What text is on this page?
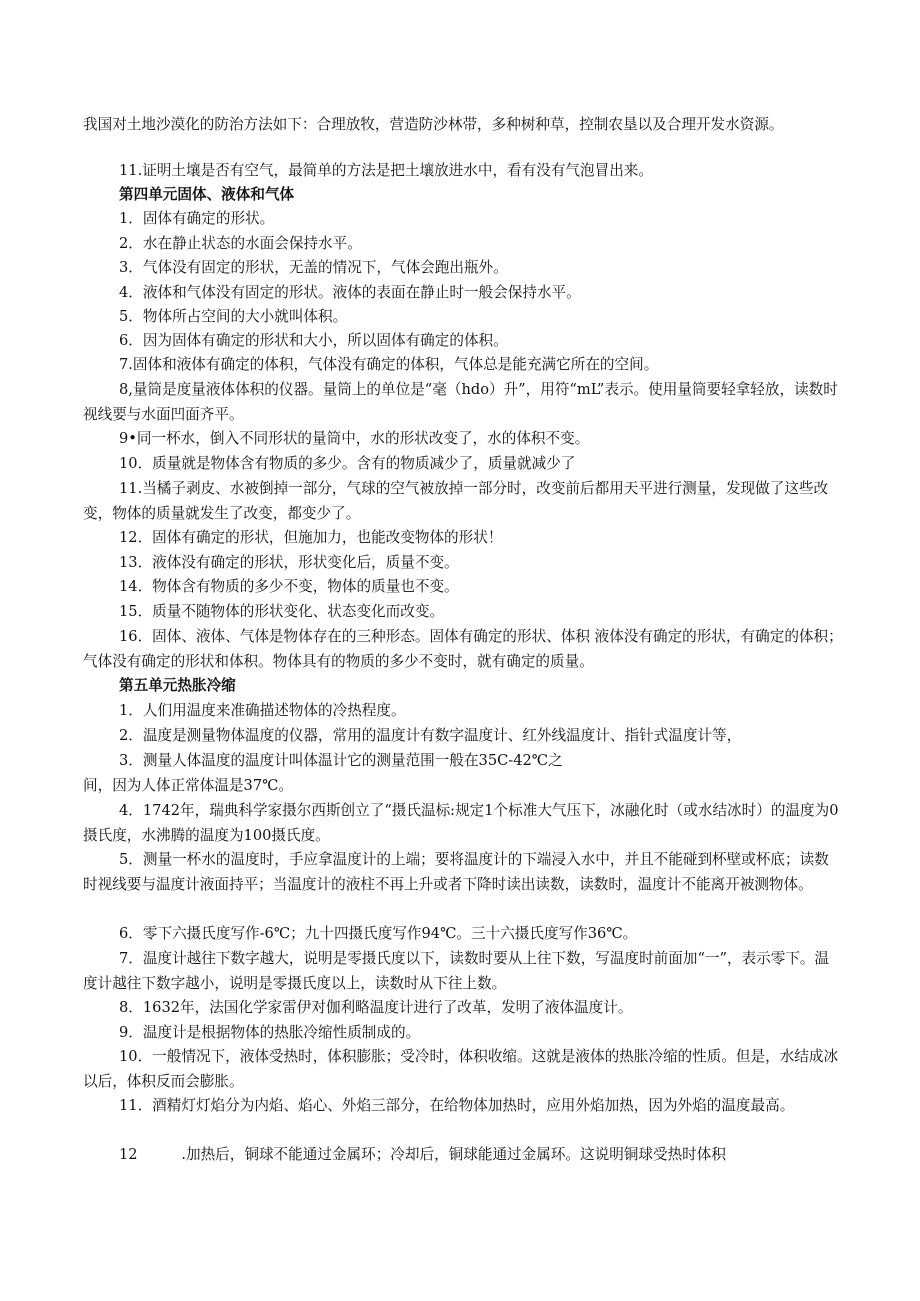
我国对土地沙漠化的防治方法如下：合理放牧，营造防沙林带，多种树种草，控制农垦以及合理开发水资源。

11.证明土壤是否有空气，最简单的方法是把土壤放进水中，看有没有气泡冒出来。

第四单元固体、液体和气体

1．固体有确定的形状。

2．水在静止状态的水面会保持水平。

3．气体没有固定的形状，无盖的情况下，气体会跑出瓶外。

4．液体和气体没有固定的形状。液体的表面在静止时一般会保持水平。

5．物体所占空间的大小就叫体积。

6．因为固体有确定的形状和大小，所以固体有确定的体积。

7.固体和液体有确定的体积，气体没有确定的体积，气体总是能充满它所在的空间。

8,量筒是度量液体体积的仪器。量筒上的单位是“毫（hdo）升”，用符“mL”表示。使用量筒要轻拿轻放，读数时视线要与水面凹面齐平。

9•同一杯水，倒入不同形状的量筒中，水的形状改变了，水的体积不变。

10．质量就是物体含有物质的多少。含有的物质减少了，质量就减少了

11.当橘子剥皮、水被倒掉一部分，气球的空气被放掉一部分时，改变前后都用天平进行测量，发现做了这些改变，物体的质量就发生了改变，都变少了。

12．固体有确定的形状，但施加力，也能改变物体的形状！

13．液体没有确定的形状，形状变化后，质量不变。

14．物体含有物质的多少不变，物体的质量也不变。

15．质量不随物体的形状变化、状态变化而改变。

16．固体、液体、气体是物体存在的三种形态。固体有确定的形状、体积 液体没有确定的形状，有确定的体积；气体没有确定的形状和体积。物体具有的物质的多少不变时，就有确定的质量。

第五单元热胀冷缩

1．人们用温度来准确描述物体的冷热程度。

2．温度是测量物体温度的仪器，常用的温度计有数字温度计、红外线温度计、指针式温度计等，

3．测量人体温度的温度计叫体温计它的测量范围一般在35C-42℃之

间，因为人体正常体温是37℃。

4．1742年，瑞典科学家摄尔西斯创立了“摄氏温标:规定1个标准大气压下，冰融化时（或水结冰时）的温度为0摄氏度，水沸腾的温度为100摄氏度。

5．测量一杯水的温度时，手应拿温度计的上端；要将温度计的下端浸入水中，并且不能碰到杯壁或杯底；读数时视线要与温度计液面持平；当温度计的液柱不再上升或者下降时读出读数，读数时，温度计不能离开被测物体。

6．零下六摄氏度写作-6℃；九十四摄氏度写作94℃。三十六摄氏度写作36℃。

7．温度计越往下数字越大，说明是零摄氏度以下，读数时要从上往下数，写温度时前面加“一”，表示零下。温度计越往下数字越小，说明是零摄氏度以上，读数时从下往上数。

8．1632年，法国化学家雷伊对伽利略温度计进行了改革，发明了液体温度计。

9．温度计是根据物体的热胀冷缩性质制成的。

10．一般情况下，液体受热时，体积膨胀；受冷时，体积收缩。这就是液体的热胀冷缩的性质。但是，水结成冰以后，体积反而会膨胀。

11．酒精灯灯焰分为内焰、焰心、外焰三部分，在给物体加热时，应用外焰加热，因为外焰的温度最高。

12　　　.加热后，铜球不能通过金属环；冷却后，铜球能通过金属环。这说明铜球受热时体积
